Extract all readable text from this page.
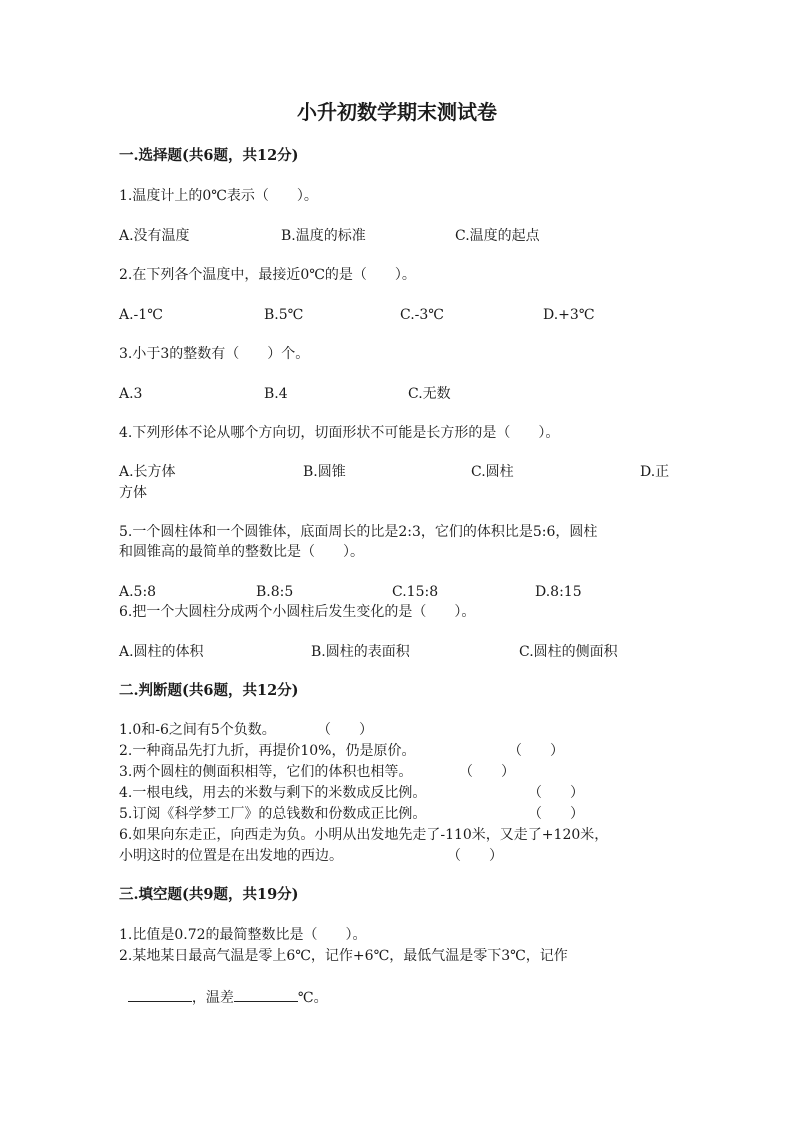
小升初数学期末测试卷
一.选择题(共6题，共12分)
1.温度计上的0℃表示（　　）。
A.没有温度	B.温度的标准	C.温度的起点
2.在下列各个温度中，最接近0℃的是（　　）。
A.-1℃	B.5℃	C.-3℃	D.+3℃
3.小于3的整数有（　　）个。
A.3	B.4	C.无数
4.下列形体不论从哪个方向切，切面形状不可能是长方形的是（　　）。
A.长方体	B.圆锥	C.圆柱	D.正
方体
5.一个圆柱体和一个圆锥体，底面周长的比是2:3，它们的体积比是5:6，圆柱
和圆锥高的最简单的整数比是（　　）。
A.5:8	B.8:5	C.15:8	D.8:15
6.把一个大圆柱分成两个小圆柱后发生变化的是（　　）。
A.圆柱的体积	B.圆柱的表面积	C.圆柱的侧面积
二.判断题(共6题，共12分)
1.0和-6之间有5个负数。	（　　）
2.一种商品先打九折，再提价10%，仍是原价。	（　　）
3.两个圆柱的侧面积相等，它们的体积也相等。	（　　）
4.一根电线，用去的米数与剩下的米数成反比例。	（　　）
5.订阅《科学梦工厂》的总钱数和份数成正比例。	（　　）
6.如果向东走正，向西走为负。小明从出发地先走了-110米，又走了+120米，
小明这时的位置是在出发地的西边。	（　　）
三.填空题(共9题，共19分)
1.比值是0.72的最简整数比是（　　）。
2.某地某日最高气温是零上6℃，记作+6℃，最低气温是零下3℃，记作

，温差	℃。
